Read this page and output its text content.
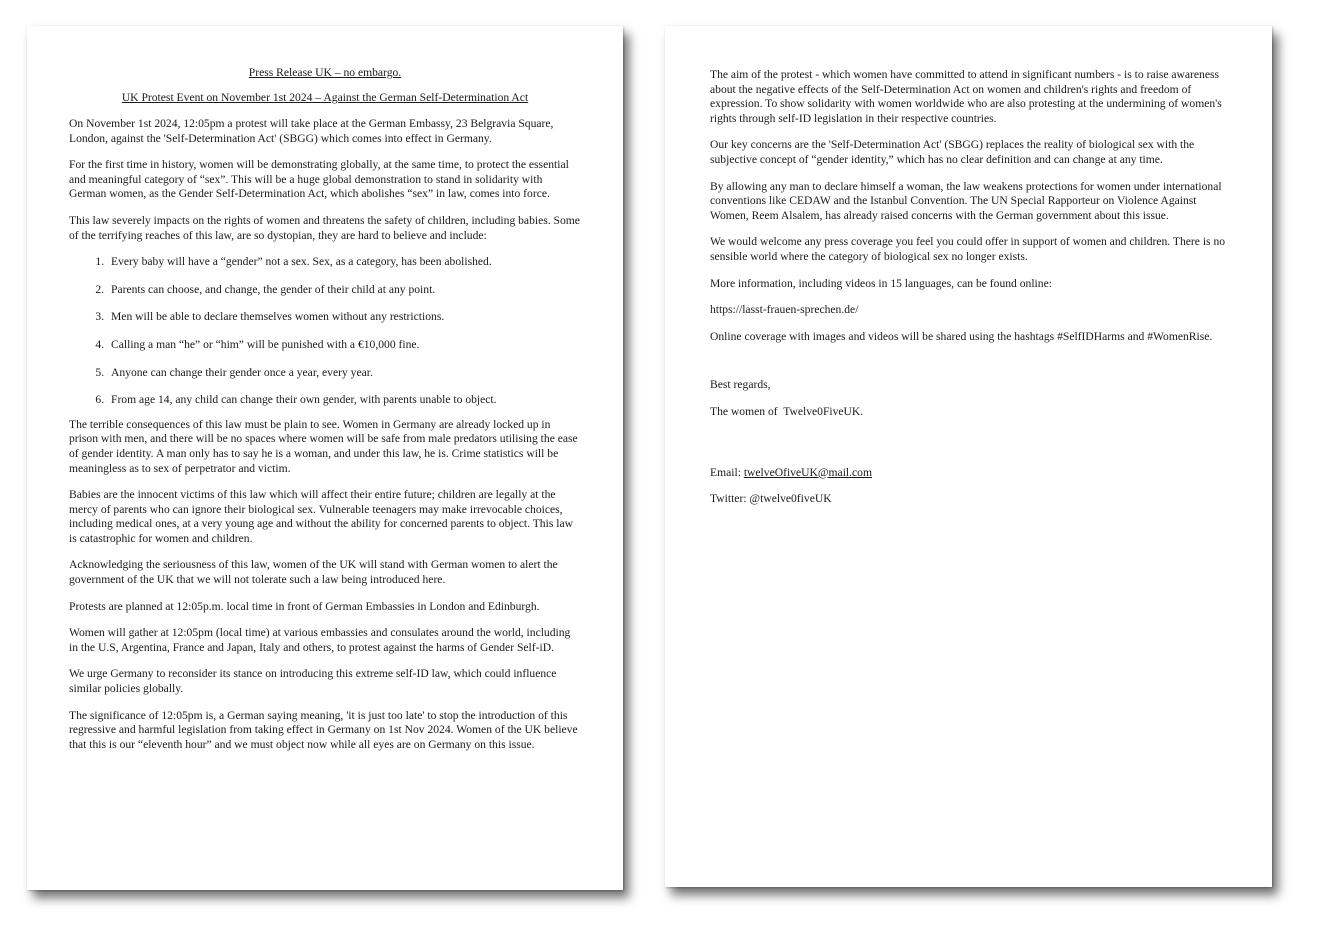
Press Release UK – no embargo.

UK Protest Event on November 1st 2024 – Against the German Self-Determination Act

On November 1st 2024, 12:05pm a protest will take place at the German Embassy, 23 Belgravia Square, London, against the 'Self-Determination Act' (SBGG) which comes into effect in Germany.

For the first time in history, women will be demonstrating globally, at the same time, to protect the essential and meaningful category of “sex”. This will be a huge global demonstration to stand in solidarity with German women, as the Gender Self-Determination Act, which abolishes “sex” in law, comes into force.

This law severely impacts on the rights of women and threatens the safety of children, including babies. Some of the terrifying reaches of this law, are so dystopian, they are hard to believe and include:

1. Every baby will have a “gender” not a sex. Sex, as a category, has been abolished.
2. Parents can choose, and change, the gender of their child at any point.
3. Men will be able to declare themselves women without any restrictions.
4. Calling a man “he” or “him” will be punished with a €10,000 fine.
5. Anyone can change their gender once a year, every year.
6. From age 14, any child can change their own gender, with parents unable to object.

The terrible consequences of this law must be plain to see. Women in Germany are already locked up in prison with men, and there will be no spaces where women will be safe from male predators utilising the ease of gender identity. A man only has to say he is a woman, and under this law, he is. Crime statistics will be meaningless as to sex of perpetrator and victim.

Babies are the innocent victims of this law which will affect their entire future; children are legally at the mercy of parents who can ignore their biological sex. Vulnerable teenagers may make irrevocable choices, including medical ones, at a very young age and without the ability for concerned parents to object. This law is catastrophic for women and children.

Acknowledging the seriousness of this law, women of the UK will stand with German women to alert the government of the UK that we will not tolerate such a law being introduced here.

Protests are planned at 12:05p.m. local time in front of German Embassies in London and Edinburgh.

Women will gather at 12:05pm (local time) at various embassies and consulates around the world, including in the U.S, Argentina, France and Japan, Italy and others, to protest against the harms of Gender Self-iD.

We urge Germany to reconsider its stance on introducing this extreme self-ID law, which could influence similar policies globally.

The significance of 12:05pm is, a German saying meaning, 'it is just too late' to stop the introduction of this regressive and harmful legislation from taking effect in Germany on 1st Nov 2024. Women of the UK believe that this is our “eleventh hour” and we must object now while all eyes are on Germany on this issue.

The aim of the protest - which women have committed to attend in significant numbers - is to raise awareness about the negative effects of the Self-Determination Act on women and children's rights and freedom of expression. To show solidarity with women worldwide who are also protesting at the undermining of women's rights through self-ID legislation in their respective countries.

Our key concerns are the 'Self-Determination Act' (SBGG) replaces the reality of biological sex with the subjective concept of “gender identity,” which has no clear definition and can change at any time.

By allowing any man to declare himself a woman, the law weakens protections for women under international conventions like CEDAW and the Istanbul Convention. The UN Special Rapporteur on Violence Against Women, Reem Alsalem, has already raised concerns with the German government about this issue.

We would welcome any press coverage you feel you could offer in support of women and children. There is no sensible world where the category of biological sex no longer exists.

More information, including videos in 15 languages, can be found online:

https://lasst-frauen-sprechen.de/

Online coverage with images and videos will be shared using the hashtags #SelfIDHarms and #WomenRise.

Best regards,

The women of  Twelve0FiveUK.

Email: twelveOfiveUK@mail.com

Twitter: @twelve0fiveUK
